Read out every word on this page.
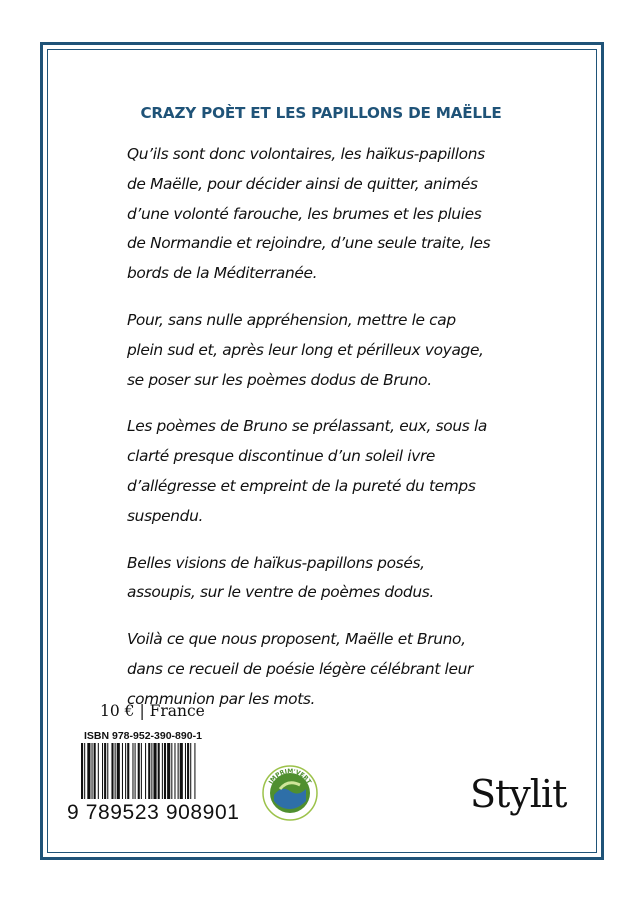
CRAZY POÈT ET LES PAPILLONS DE MAËLLE
Qu’ils sont donc volontaires, les haïkus-papillons
de Maëlle, pour décider ainsi de quitter, animés
d’une volonté farouche, les brumes et les pluies
de Normandie et rejoindre, d’une seule traite, les
bords de la Méditerranée.
Pour, sans nulle appréhension, mettre le cap
plein sud et, après leur long et périlleux voyage,
se poser sur les poèmes dodus de Bruno.
Les poèmes de Bruno se prélassant, eux, sous la
clarté presque discontinue d’un soleil ivre
d’allégresse et empreint de la pureté du temps
suspendu.
Belles visions de haïkus-papillons posés,
assoupis, sur le ventre de poèmes dodus.
Voilà ce que nous proposent, Maëlle et Bruno,
dans ce recueil de poésie légère célébrant leur
communion par les mots.
10 € | France
ISBN 978-952-390-890-1
9 789523 908901
IMPRIM'VERT	Stylit
